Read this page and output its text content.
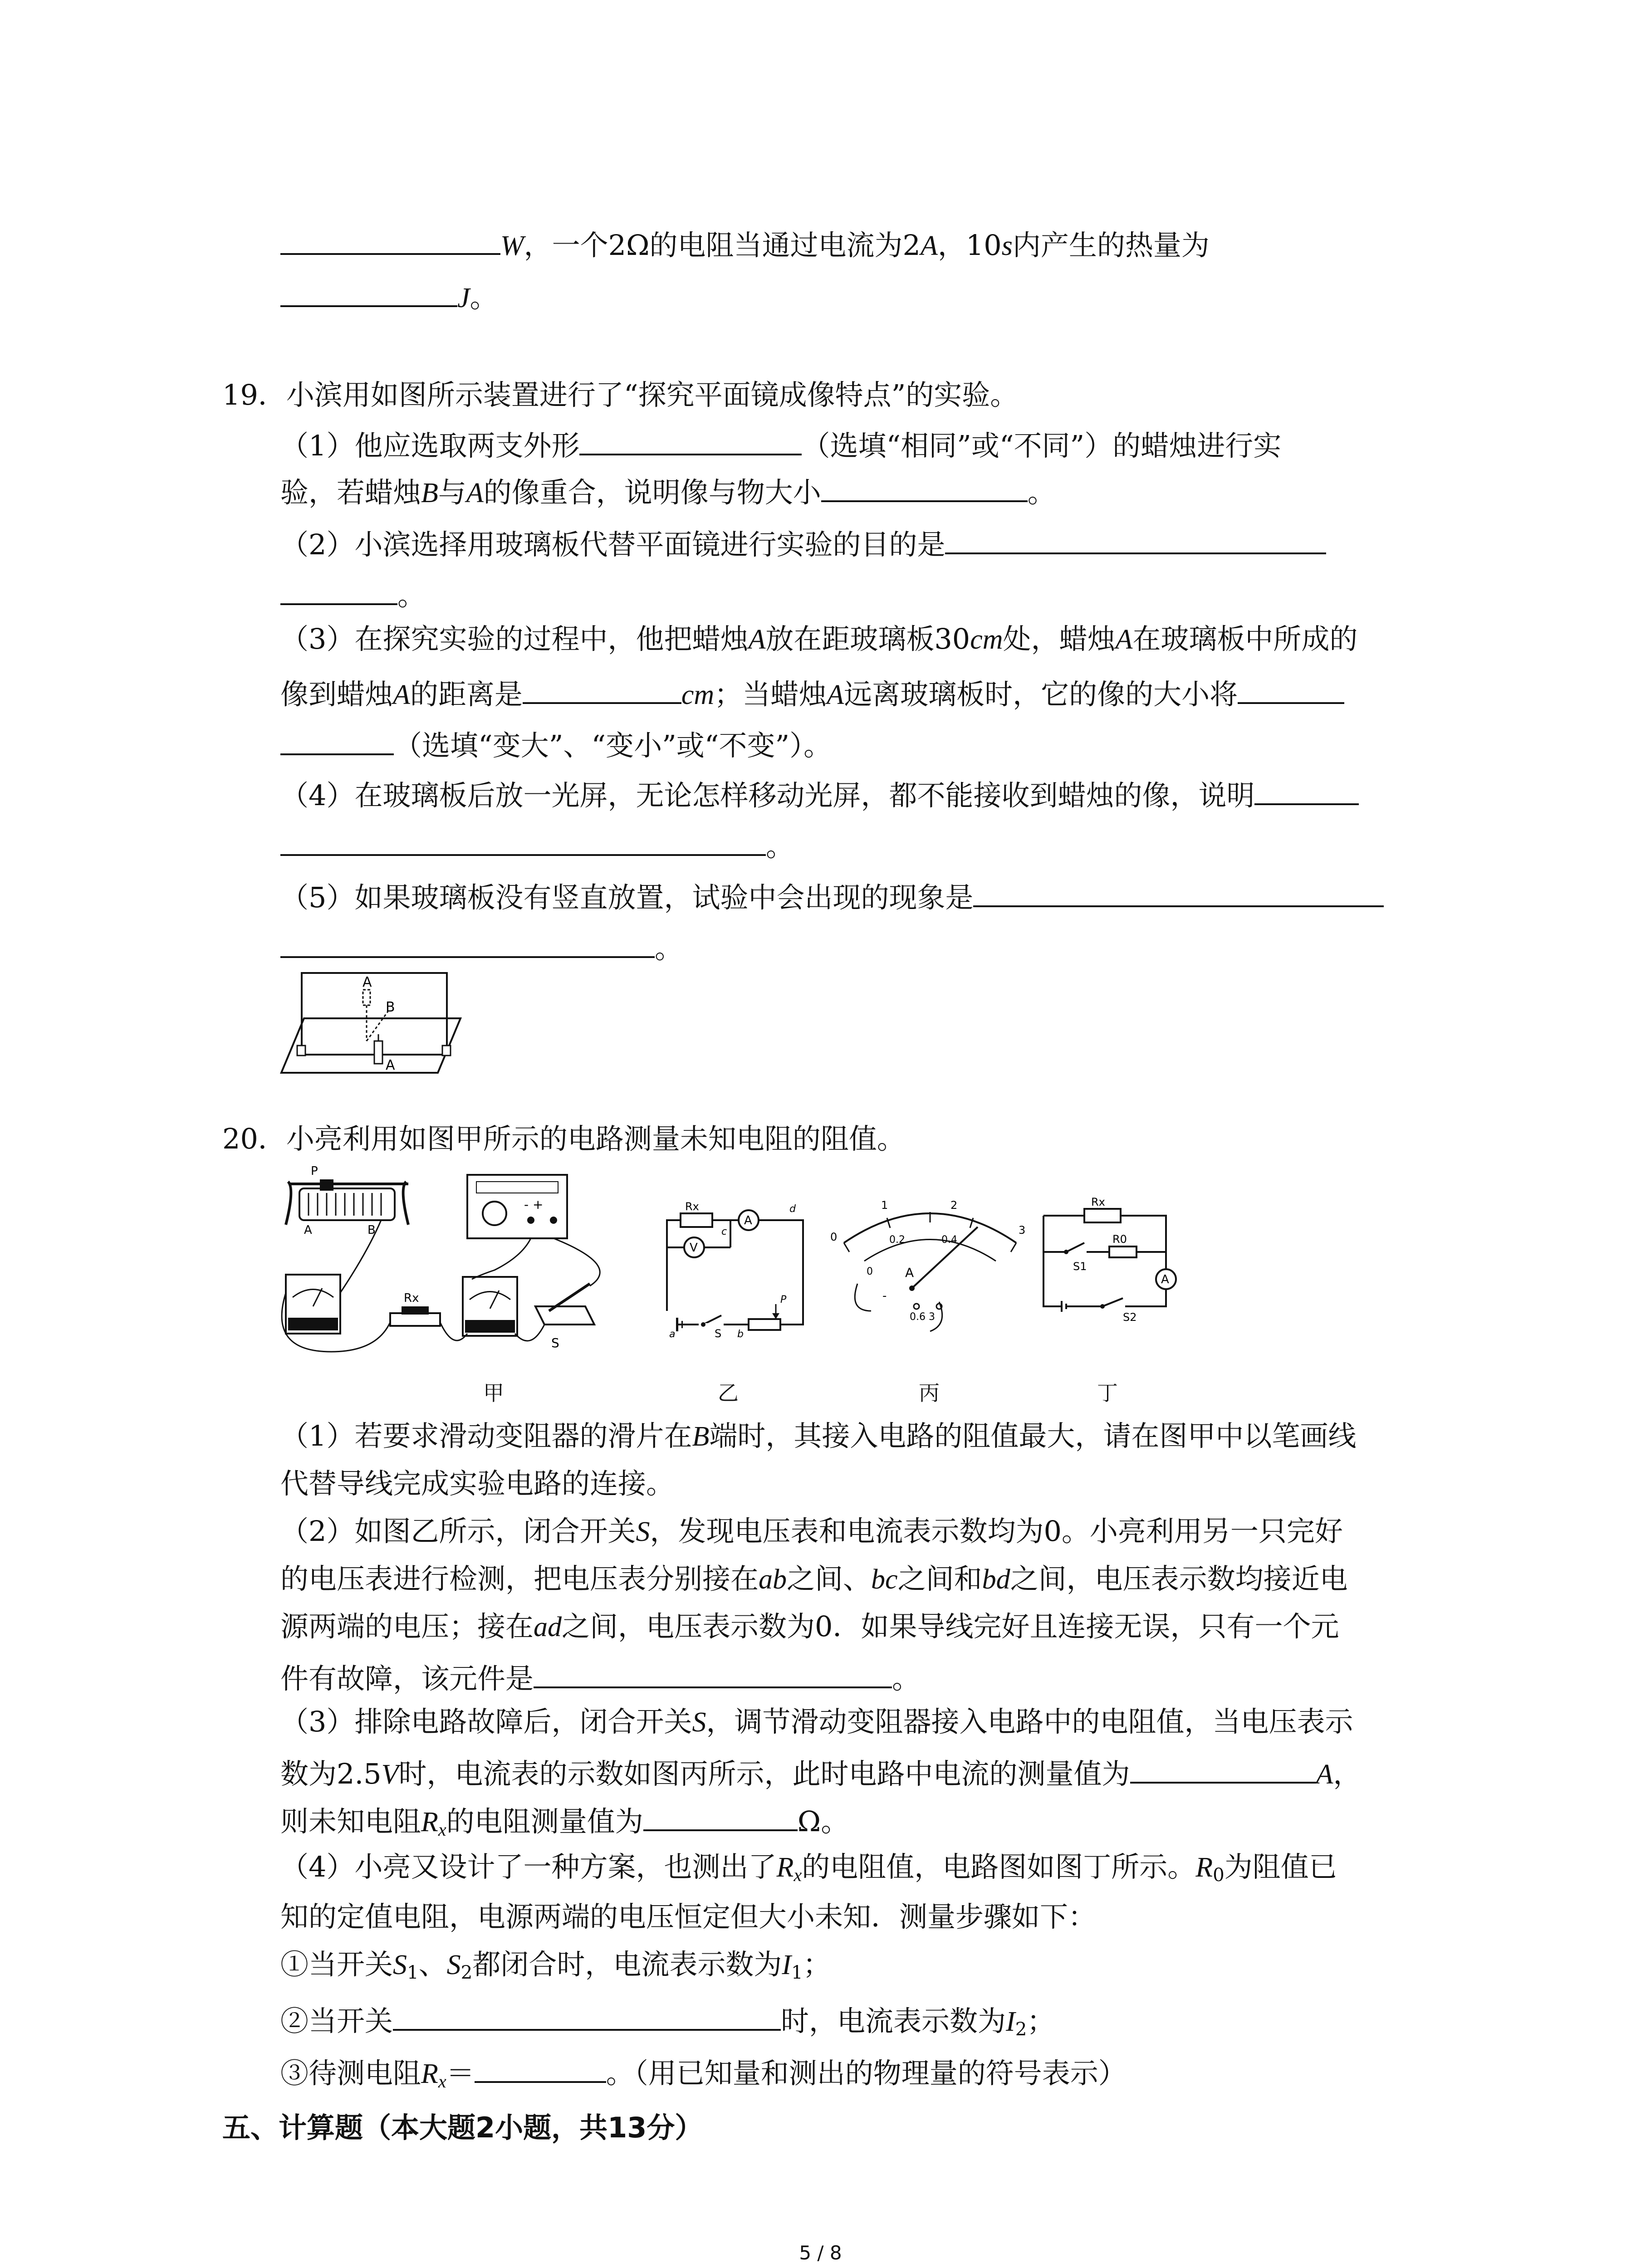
W，一个2Ω的电阻当通过电流为2A，10s内产生的热量为
J。
19．小滨用如图所示装置进行了“探究平面镜成像特点”的实验。
（1）他应选取两支外形	（选填“相同”或“不同”）的蜡烛进行实
验，若蜡烛B与A的像重合，说明像与物大小	。
（2）小滨选择用玻璃板代替平面镜进行实验的目的是
。
（3）在探究实验的过程中，他把蜡烛A放在距玻璃板30cm处，蜡烛A在玻璃板中所成的
像到蜡烛A的距离是	cm；当蜡烛A远离玻璃板时，它的像的大小将
（选填“变大”、“变小”或“不变”）。
（4）在玻璃板后放一光屏，无论怎样移动光屏，都不能接收到蜡烛的像，说明
。
（5）如果玻璃板没有竖直放置，试验中会出现的现象是
。
A
B
A
20．小亮利用如图甲所示的电路测量未知电阻的阻值。
P
A	B
- +
Rx
S
Rx
A
V
c
d
a	S b
P
0
1	2
3
0.2	0.4
0	A
-
0.6 3
Rx
R0
S1
S2
A
甲	乙	丙	丁
（1）若要求滑动变阻器的滑片在B端时，其接入电路的阻值最大，请在图甲中以笔画线
代替导线完成实验电路的连接。
（2）如图乙所示，闭合开关S，发现电压表和电流表示数均为0。小亮利用另一只完好
的电压表进行检测，把电压表分别接在ab之间、bc之间和bd之间，电压表示数均接近电
源两端的电压；接在ad之间，电压表示数为0．如果导线完好且连接无误，只有一个元
件有故障，该元件是	。
（3）排除电路故障后，闭合开关S，调节滑动变阻器接入电路中的电阻值，当电压表示
数为2.5V时，电流表的示数如图丙所示，此时电路中电流的测量值为	A，
则未知电阻$R_x$的电阻测量值为	Ω。
（4）小亮又设计了一种方案，也测出了$R_x$的电阻值，电路图如图丁所示。$R_0$为阻值已
知的定值电阻，电源两端的电压恒定但大小未知．测量步骤如下：
①当开关$S_1$、$S_2$都闭合时，电流表示数为$I_1$；
②当开关	时，电流表示数为$I_2$；
③待测电阻$R_x=$	。（用已知量和测出的物理量的符号表示）
五、计算题（本大题2小题，共13分）
5 / 8
